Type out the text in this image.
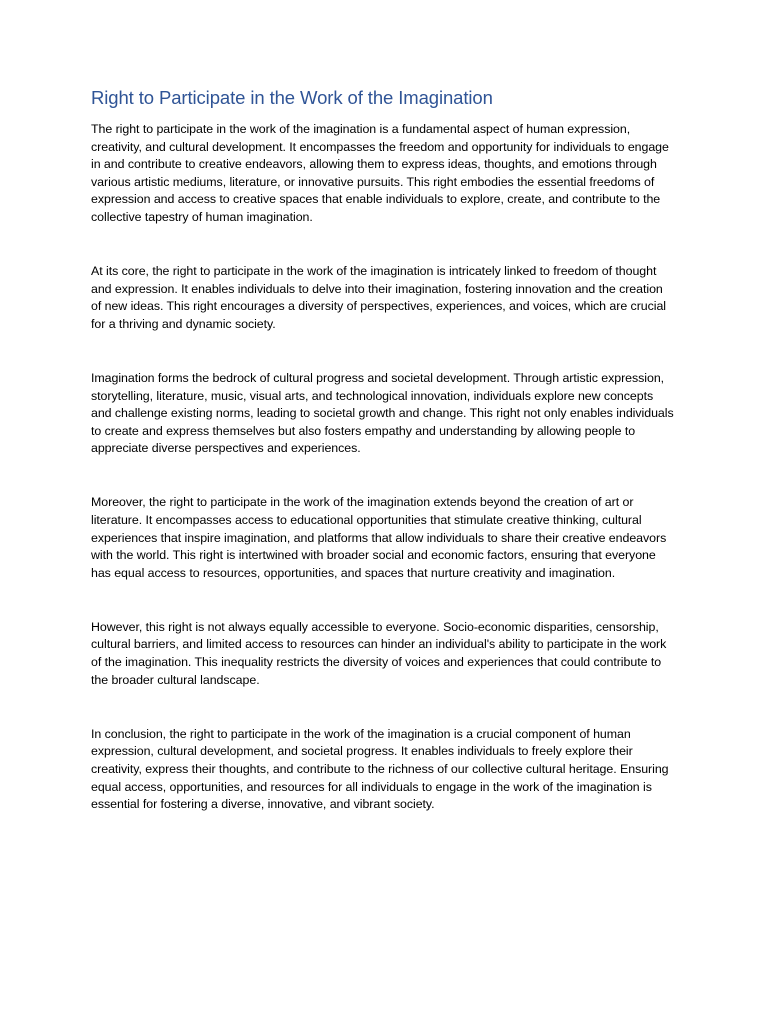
Right to Participate in the Work of the Imagination

The right to participate in the work of the imagination is a fundamental aspect of human expression, creativity, and cultural development. It encompasses the freedom and opportunity for individuals to engage in and contribute to creative endeavors, allowing them to express ideas, thoughts, and emotions through various artistic mediums, literature, or innovative pursuits. This right embodies the essential freedoms of expression and access to creative spaces that enable individuals to explore, create, and contribute to the collective tapestry of human imagination.

At its core, the right to participate in the work of the imagination is intricately linked to freedom of thought and expression. It enables individuals to delve into their imagination, fostering innovation and the creation of new ideas. This right encourages a diversity of perspectives, experiences, and voices, which are crucial for a thriving and dynamic society.

Imagination forms the bedrock of cultural progress and societal development. Through artistic expression, storytelling, literature, music, visual arts, and technological innovation, individuals explore new concepts and challenge existing norms, leading to societal growth and change. This right not only enables individuals to create and express themselves but also fosters empathy and understanding by allowing people to appreciate diverse perspectives and experiences.

Moreover, the right to participate in the work of the imagination extends beyond the creation of art or literature. It encompasses access to educational opportunities that stimulate creative thinking, cultural experiences that inspire imagination, and platforms that allow individuals to share their creative endeavors with the world. This right is intertwined with broader social and economic factors, ensuring that everyone has equal access to resources, opportunities, and spaces that nurture creativity and imagination.

However, this right is not always equally accessible to everyone. Socio-economic disparities, censorship, cultural barriers, and limited access to resources can hinder an individual's ability to participate in the work of the imagination. This inequality restricts the diversity of voices and experiences that could contribute to the broader cultural landscape.

In conclusion, the right to participate in the work of the imagination is a crucial component of human expression, cultural development, and societal progress. It enables individuals to freely explore their creativity, express their thoughts, and contribute to the richness of our collective cultural heritage. Ensuring equal access, opportunities, and resources for all individuals to engage in the work of the imagination is essential for fostering a diverse, innovative, and vibrant society.
